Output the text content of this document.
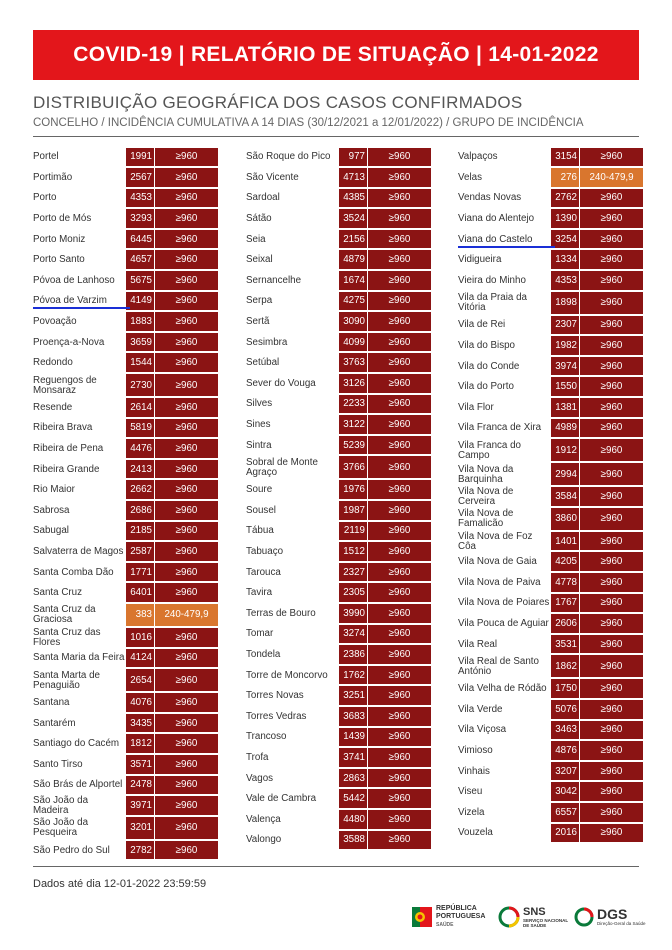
COVID-19 | RELATÓRIO DE SITUAÇÃO | 14-01-2022
DISTRIBUIÇÃO GEOGRÁFICA DOS CASOS CONFIRMADOS
CONCELHO / INCIDÊNCIA CUMULATIVA A 14 DIAS (30/12/2021 a 12/01/2022) / GRUPO DE INCIDÊNCIA
Portel	1991	≥960
Portimão	2567	≥960
Porto	4353	≥960
Porto de Mós	3293	≥960
Porto Moniz	6445	≥960
Porto Santo	4657	≥960
Póvoa de Lanhoso	5675	≥960
Póvoa de Varzim	4149	≥960
Povoação	1883	≥960
Proença-a-Nova	3659	≥960
Redondo	1544	≥960
Reguengos de Monsaraz	2730	≥960
Resende	2614	≥960
Ribeira Brava	5819	≥960
Ribeira de Pena	4476	≥960
Ribeira Grande	2413	≥960
Rio Maior	2662	≥960
Sabrosa	2686	≥960
Sabugal	2185	≥960
Salvaterra de Magos 2587	≥960
Santa Comba Dão	1771	≥960
Santa Cruz	6401	≥960
Santa Cruz da Graciosa	383	240-479,9
Santa Cruz das Flores	1016	≥960
Santa Maria da Feira 4124	≥960
Santa Marta de Penaguião	2654	≥960
Santana	4076	≥960
Santarém	3435	≥960
Santiago do Cacém	1812	≥960
Santo Tirso	3571	≥960
São Brás de Alportel 2478	≥960
São João da Madeira	3971	≥960
São João da Pesqueira	3201	≥960
São Pedro do Sul	2782	≥960
São Roque do Pico	977	≥960
São Vicente	4713	≥960
Sardoal	4385	≥960
Sátão	3524	≥960
Seia	2156	≥960
Seixal	4879	≥960
Sernancelhe	1674	≥960
Serpa	4275	≥960
Sertã	3090	≥960
Sesimbra	4099	≥960
Setúbal	3763	≥960
Sever do Vouga	3126	≥960
Silves	2233	≥960
Sines	3122	≥960
Sintra	5239	≥960
Sobral de Monte Agraço	3766	≥960
Soure	1976	≥960
Sousel	1987	≥960
Tábua	2119	≥960
Tabuaço	1512	≥960
Tarouca	2327	≥960
Tavira	2305	≥960
Terras de Bouro	3990	≥960
Tomar	3274	≥960
Tondela	2386	≥960
Torre de Moncorvo	1762	≥960
Torres Novas	3251	≥960
Torres Vedras	3683	≥960
Trancoso	1439	≥960
Trofa	3741	≥960
Vagos	2863	≥960
Vale de Cambra	5442	≥960
Valença	4480	≥960
Valongo	3588	≥960
Valpaços	3154	≥960
Velas	276	240-479,9
Vendas Novas	2762	≥960
Viana do Alentejo	1390	≥960
Viana do Castelo	3254	≥960
Vidigueira	1334	≥960
Vieira do Minho	4353	≥960
Vila da Praia da Vitória	1898	≥960
Vila de Rei	2307	≥960
Vila do Bispo	1982	≥960
Vila do Conde	3974	≥960
Vila do Porto	1550	≥960
Vila Flor	1381	≥960
Vila Franca de Xira	4989	≥960
Vila Franca do Campo	1912	≥960
Vila Nova da Barquinha	2994	≥960
Vila Nova de Cerveira	3584	≥960
Vila Nova de Famalicão	3860	≥960
Vila Nova de Foz Côa	1401	≥960
Vila Nova de Gaia	4205	≥960
Vila Nova de Paiva	4778	≥960
Vila Nova de Poiares 1767	≥960
Vila Pouca de Aguiar 2606	≥960
Vila Real	3531	≥960
Vila Real de Santo António	1862	≥960
Vila Velha de Ródão 1750	≥960
Vila Verde	5076	≥960
Vila Viçosa	3463	≥960
Vimioso	4876	≥960
Vinhais	3207	≥960
Viseu	3042	≥960
Vizela	6557	≥960
Vouzela	2016	≥960
Dados até dia 12-01-2022 23:59:59
REPÚBLICA
PORTUGUESA
SAÚDE
SNS
SERVIÇO NACIONAL
DE SAÚDE
DGS
Direção-Geral da Saúde
